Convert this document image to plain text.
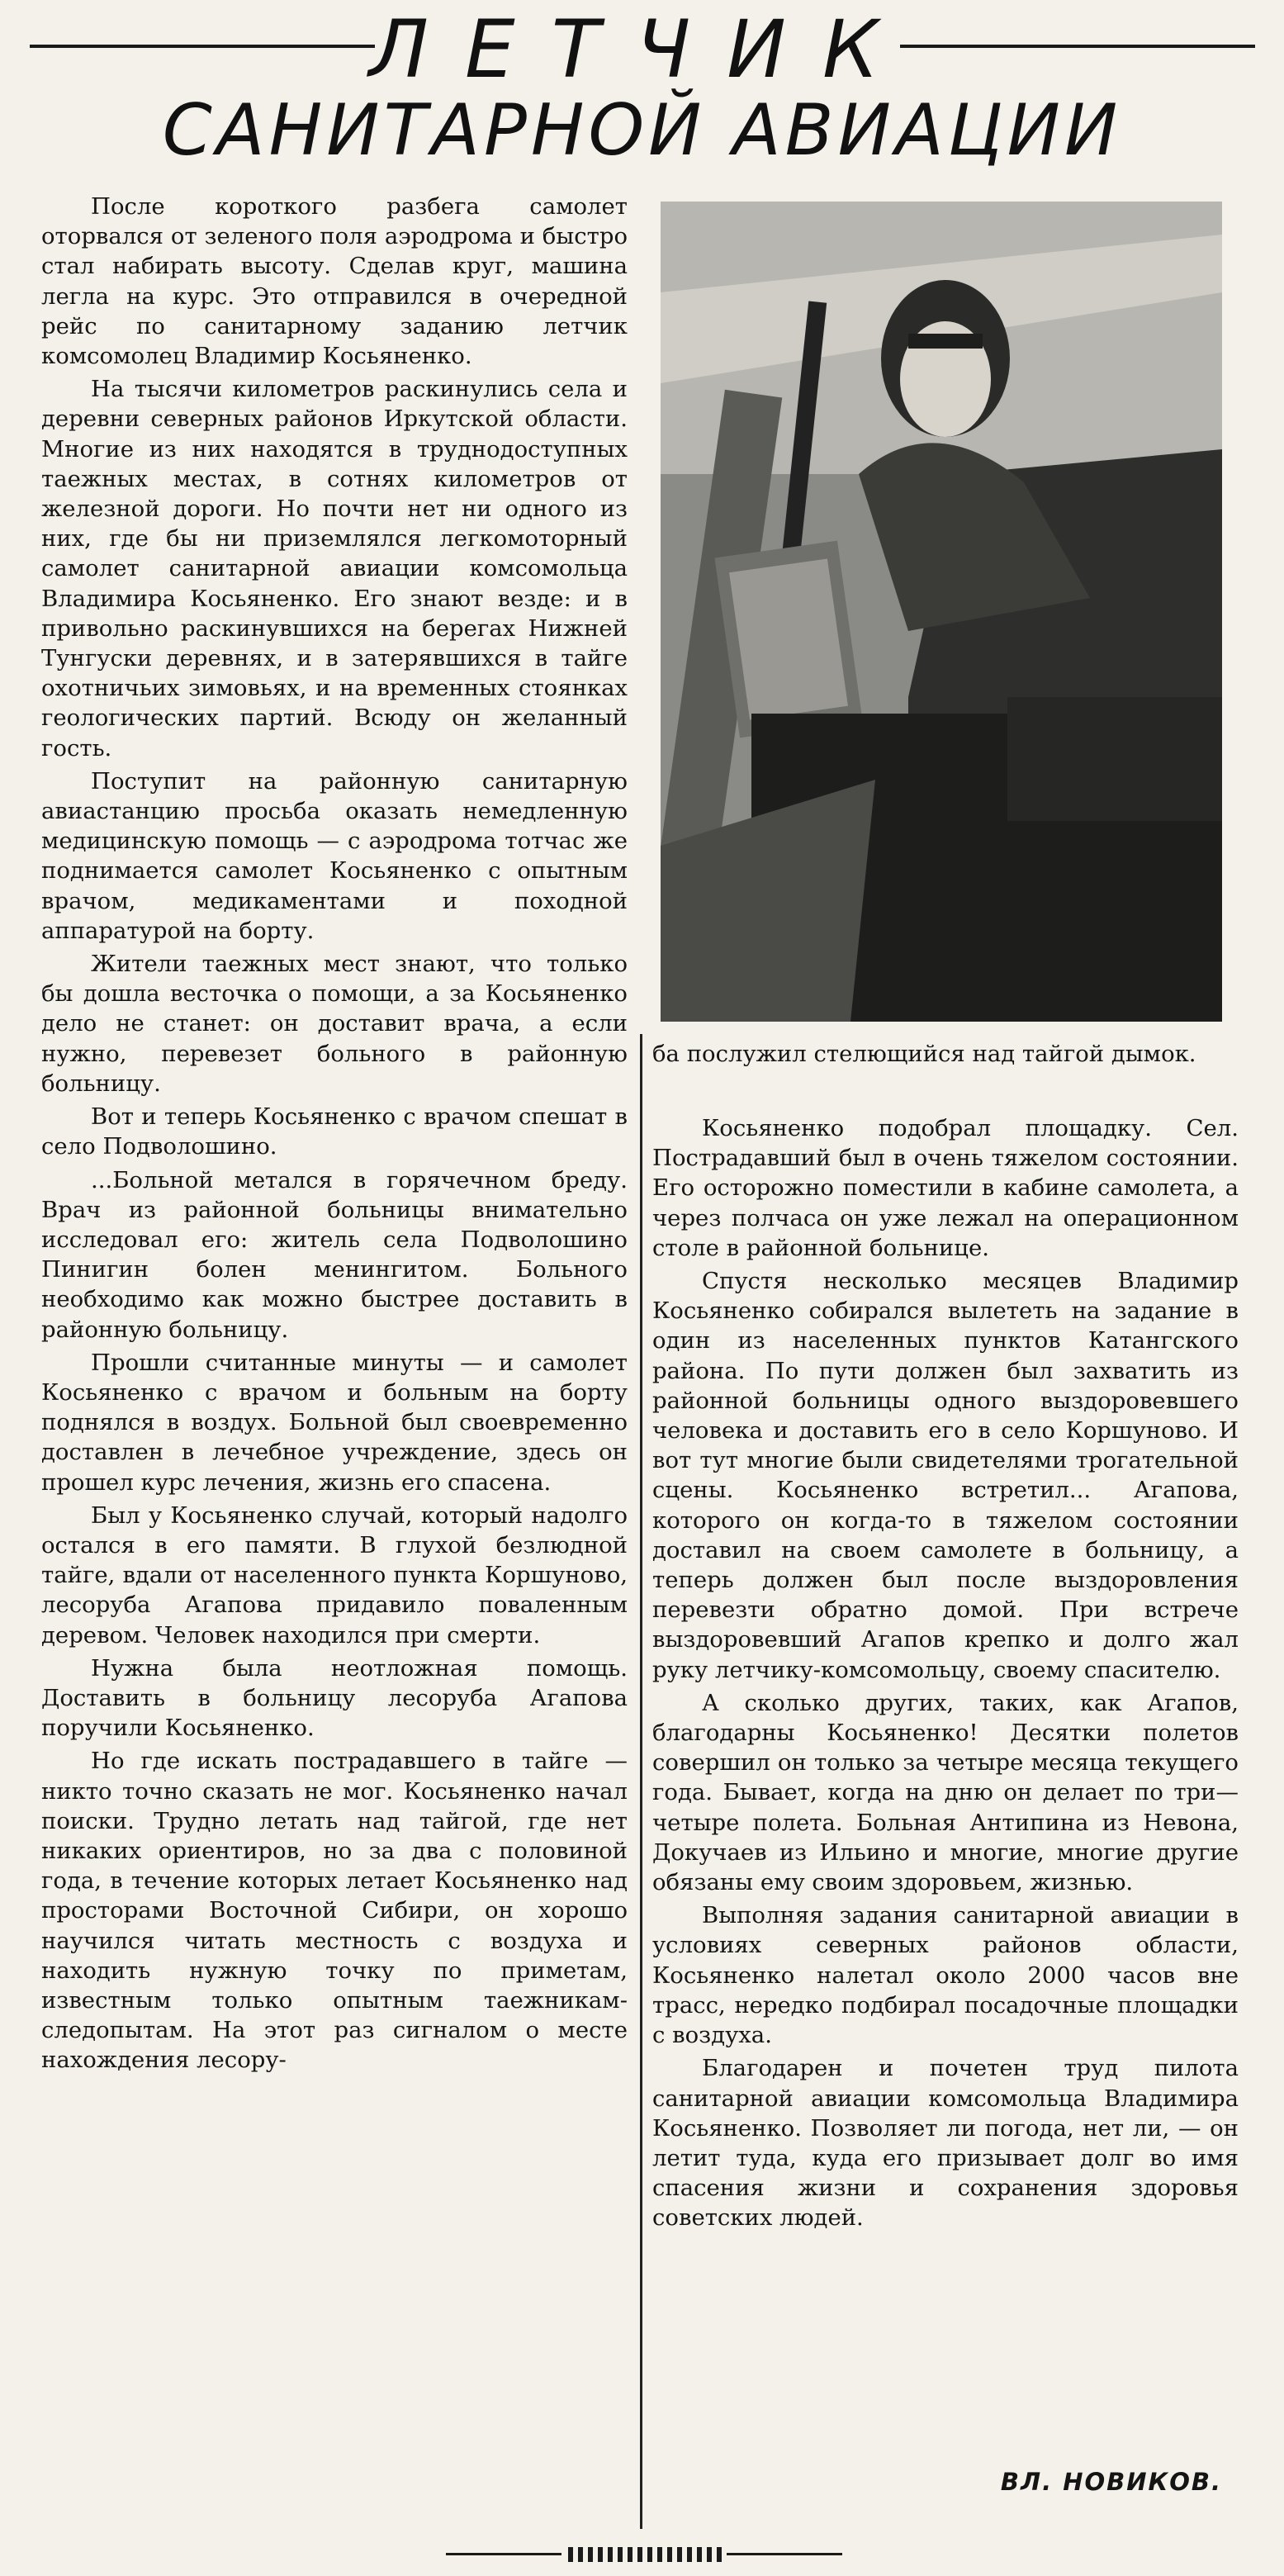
ЛЕТЧИК
САНИТАРНОЙ АВИАЦИИ

После короткого разбега самолет оторвался от зеленого поля аэродрома и быстро стал набирать высоту. Сделав круг, машина легла на курс. Это отправился в очередной рейс по санитарному заданию летчик комсомолец Владимир Косьяненко.

На тысячи километров раскинулись села и деревни северных районов Иркутской области. Многие из них находятся в труднодоступных таежных местах, в сотнях километров от железной дороги. Но почти нет ни одного из них, где бы ни приземлялся легкомоторный самолет санитарной авиации комсомольца Владимира Косьяненко. Его знают везде: и в привольно раскинувшихся на берегах Нижней Тунгуски деревнях, и в затерявшихся в тайге охотничьих зимовьях, и на временных стоянках геологических партий. Всюду он желанный гость.

Поступит на районную санитарную авиастанцию просьба оказать немедленную медицинскую помощь — с аэродрома тотчас же поднимается самолет Косьяненко с опытным врачом, медикаментами и походной аппаратурой на борту.

Жители таежных мест знают, что только бы дошла весточка о помощи, а за Косьяненко дело не станет: он доставит врача, а если нужно, перевезет больного в районную больницу.

Вот и теперь Косьяненко с врачом спешат в село Подволошино.

...Больной метался в горячечном бреду. Врач из районной больницы внимательно исследовал его: житель села Подволошино Пинигин болен менингитом. Больного необходимо как можно быстрее доставить в районную больницу.

Прошли считанные минуты — и самолет Косьяненко с врачом и больным на борту поднялся в воздух. Больной был своевременно доставлен в лечебное учреждение, здесь он прошел курс лечения, жизнь его спасена.

Был у Косьяненко случай, который надолго остался в его памяти. В глухой безлюдной тайге, вдали от населенного пункта Коршуново, лесоруба Агапова придавило поваленным деревом. Человек находился при смерти.

Нужна была неотложная помощь. Доставить в больницу лесоруба Агапова поручили Косьяненко.

Но где искать пострадавшего в тайге — никто точно сказать не мог. Косьяненко начал поиски. Трудно летать над тайгой, где нет никаких ориентиров, но за два с половиной года, в течение которых летает Косьяненко над просторами Восточной Сибири, он хорошо научился читать местность с воздуха и находить нужную точку по приметам, известным только опытным таежникам-следопытам. На этот раз сигналом о месте нахождения лесору-

ба послужил стелющийся над тайгой дымок.

Косьяненко подобрал площадку. Сел. Пострадавший был в очень тяжелом состоянии. Его осторожно поместили в кабине самолета, а через полчаса он уже лежал на операционном столе в районной больнице.

Спустя несколько месяцев Владимир Косьяненко собирался вылететь на задание в один из населенных пунктов Катангского района. По пути должен был захватить из районной больницы одного выздоровевшего человека и доставить его в село Коршуново. И вот тут многие были свидетелями трогательной сцены. Косьяненко встретил... Агапова, которого он когда-то в тяжелом состоянии доставил на своем самолете в больницу, а теперь должен был после выздоровления перевезти обратно домой. При встрече выздоровевший Агапов крепко и долго жал руку летчику-комсомольцу, своему спасителю.

А сколько других, таких, как Агапов, благодарны Косьяненко! Десятки полетов совершил он только за четыре месяца текущего года. Бывает, когда на дню он делает по три—четыре полета. Больная Антипина из Невона, Докучаев из Ильино и многие, многие другие обязаны ему своим здоровьем, жизнью.

Выполняя задания санитарной авиации в условиях северных районов области, Косьяненко налетал около 2000 часов вне трасс, нередко подбирал посадочные площадки с воздуха.

Благодарен и почетен труд пилота санитарной авиации комсомольца Владимира Косьяненко. Позволяет ли погода, нет ли, — он летит туда, куда его призывает долг во имя спасения жизни и сохранения здоровья советских людей.

ВЛ. НОВИКОВ.
